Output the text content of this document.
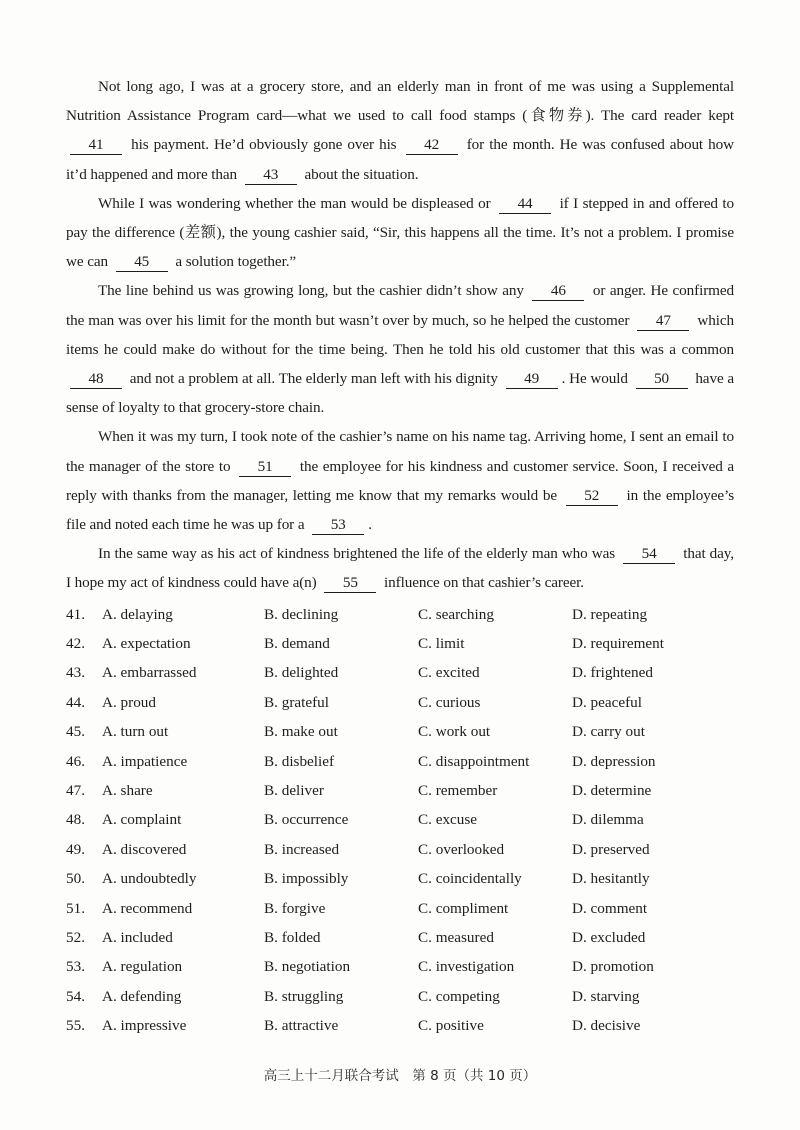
Not long ago, I was at a grocery store, and an elderly man in front of me was using a Supplemental Nutrition Assistance Program card—what we used to call food stamps (食物券). The card reader kept 41 his payment. He’d obviously gone over his 42 for the month. He was confused about how it’d happened and more than 43 about the situation.

While I was wondering whether the man would be displeased or 44 if I stepped in and offered to pay the difference (差额), the young cashier said, “Sir, this happens all the time. It’s not a problem. I promise we can 45 a solution together.”

The line behind us was growing long, but the cashier didn’t show any 46 or anger. He confirmed the man was over his limit for the month but wasn’t over by much, so he helped the customer 47 which items he could make do without for the time being. Then he told his old customer that this was a common 48 and not a problem at all. The elderly man left with his dignity 49 . He would 50 have a sense of loyalty to that grocery-store chain.

When it was my turn, I took note of the cashier’s name on his name tag. Arriving home, I sent an email to the manager of the store to 51 the employee for his kindness and customer service. Soon, I received a reply with thanks from the manager, letting me know that my remarks would be 52 in the employee’s file and noted each time he was up for a 53 .

In the same way as his act of kindness brightened the life of the elderly man who was 54 that day, I hope my act of kindness could have a(n) 55 influence on that cashier’s career.

41.	A. delaying	B. declining	C. searching	D. repeating
42.	A. expectation	B. demand	C. limit	D. requirement
43.	A. embarrassed	B. delighted	C. excited	D. frightened
44.	A. proud	B. grateful	C. curious	D. peaceful
45.	A. turn out	B. make out	C. work out	D. carry out
46.	A. impatience	B. disbelief	C. disappointment	D. depression
47.	A. share	B. deliver	C. remember	D. determine
48.	A. complaint	B. occurrence	C. excuse	D. dilemma
49.	A. discovered	B. increased	C. overlooked	D. preserved
50.	A. undoubtedly	B. impossibly	C. coincidentally	D. hesitantly
51.	A. recommend	B. forgive	C. compliment	D. comment
52.	A. included	B. folded	C. measured	D. excluded
53.	A. regulation	B. negotiation	C. investigation	D. promotion
54.	A. defending	B. struggling	C. competing	D. starving
55.	A. impressive	B. attractive	C. positive	D. decisive
高三上十二月联合考试　第 8 页（共 10 页）
